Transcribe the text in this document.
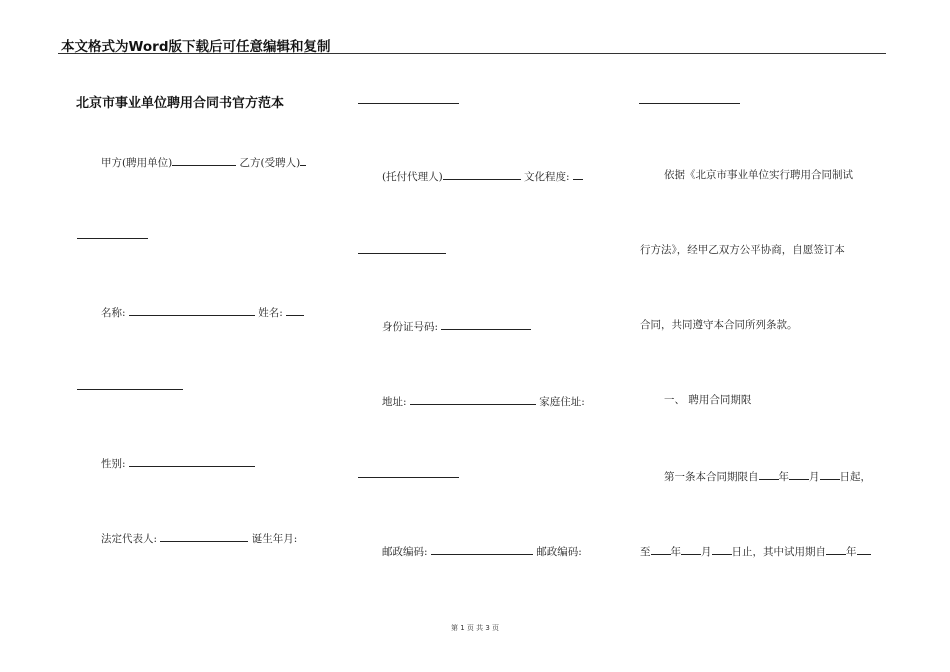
本文格式为Word版下载后可任意编辑和复制
北京市事业单位聘用合同书官方范本
甲方(聘用单位)	乙方(受聘人)
名称:	姓名:
性别:
法定代表人:	诞生年月:
(托付代理人)	文化程度:
身份证号码:
地址:	家庭住址:
邮政编码:	邮政编码:
依据《北京市事业单位实行聘用合同制试
行方法》，经甲乙双方公平协商，自愿签订本
合同，共同遵守本合同所列条款。
一、 聘用合同期限
第一条本合同期限自 年 月 日起，
至 年 月 日止，其中试用期自 年
第 1 页 共 3 页
